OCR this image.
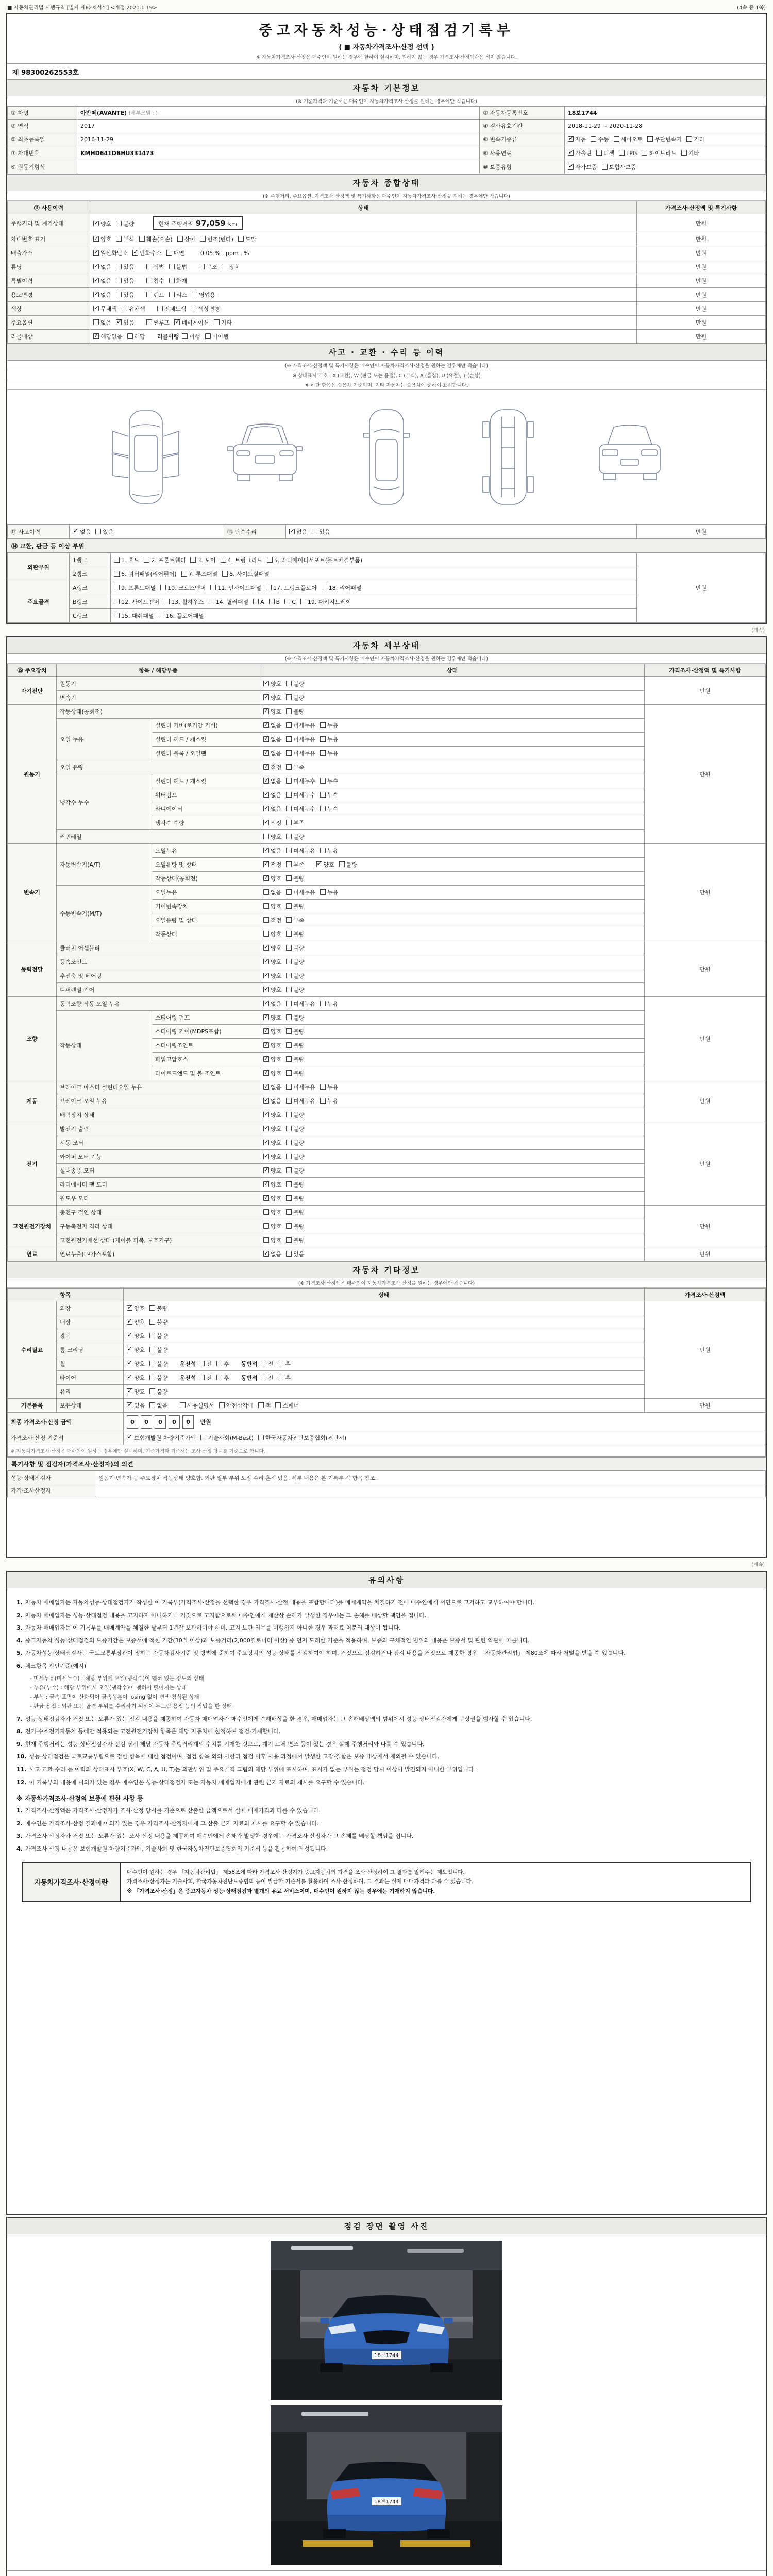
■ 자동차관리법 시행규칙 [별지 제82호서식] <개정 2021.1.19>	(4쪽 중 1쪽)
중고자동차성능·상태점검기록부
( ■ 자동차가격조사·산정 선택 )
※ 자동차가격조사·산정은 매수인이 원하는 경우에 한하여 실시하며, 원하지 않는 경우 가격조사·산정액란은 적지 않습니다.
제 98300262553호
자동차 기본정보
(※ 기준가격과 기준서는 매수인이 자동차가격조사·산정을 원하는 경우에만 적습니다)
① 차명	아반떼(AVANTE) (세부모델 : )	② 자동차등록번호	18보1744
③ 연식	2017	④ 검사유효기간	2018-11-29 ~ 2020-11-28
⑤ 최초등록일	2016-11-29	⑥ 변속기종류	✓자동 수동 세미오토 무단변속기 기타
⑦ 차대번호	KMHD641DBHU331473	⑧ 사용연료	✓가솔린 디젤 LPG 하이브리드 기타
⑨ 원동기형식		⑩ 보증유형	✓자가보증 보험사보증
자동차 종합상태
(※ 주행거리, 주요옵션, 가격조사·산정액 및 특기사항은 매수인이 자동차가격조사·산정을 원하는 경우에만 적습니다)
⑪ 사용이력	상태	가격조사·산정액 및 특기사항
주행거리 및 계기상태	✓양호 불량 현재 주행거리 97,059 km	만원
차대번호 표기	✓양호 부식 훼손(오손) 상이 변조(변타) 도말	만원
배출가스	✓일산화탄소 ✓ 탄화수소 매연 0.05 % , ppm , %	만원
튜닝	✓없음 있음 적법 불법 구조 장치	만원
특별이력	✓없음 있음 침수 화재	만원
용도변경	✓없음 있음 렌트 리스 영업용	만원
색상	✓무채색 유채색 전체도색 색상변경	만원
주요옵션	없음 ✓ 있음 썬루프 ✓ 네비게이션 기타	만원
리콜대상	✓해당없음 해당 리콜이행 이행 미이행	만원
사고 · 교환 · 수리 등 이력
(※ 가격조사·산정액 및 특기사항은 매수인이 자동차가격조사·산정을 원하는 경우에만 적습니다)
※ 상태표시 부호 : X (교환), W (판금 또는 용접), C (부식), A (흠집), U (요철), T (손상)
※ 하단 항목은 승용차 기준이며, 기타 자동차는 승용차에 준하여 표시합니다.
⑫ 사고이력	✓없음 있음	⑬ 단순수리	✓없음 있음	만원
⑭ 교환, 판금 등 이상 부위
외판부위	1랭크	1. 후드 2. 프론트휀더 3. 도어 4. 트렁크리드 5. 라디에이터서포트(볼트체결부품)	만원
	2랭크	6. 쿼터패널(리어휀더) 7. 루프패널 8. 사이드실패널	
주요골격	A랭크	9. 프론트패널 10. 크로스멤버 11. 인사이드패널 17. 트렁크플로어 18. 리어패널	
	B랭크	12. 사이드멤버 13. 휠하우스 14. 필러패널 A B C 19. 패키지트레이	
	C랭크	15. 대쉬패널 16. 플로어패널	
(계속)
자동차 세부상태
(※ 가격조사·산정액 및 특기사항은 매수인이 자동차가격조사·산정을 원하는 경우에만 적습니다)
⑮ 주요장치	항목 / 해당부품		상태	가격조사·산정액 및 특기사항
자기진단	원동기	✓양호 불량	만원
	변속기	✓양호 불량
원동기	작동상태(공회전)	✓양호 불량	만원
	오일 누유	실린더 커버(로커암 커버)	✓없음 미세누유 누유
		실린더 헤드 / 개스킷	✓없음 미세누유 누유
		실린더 블록 / 오일팬	✓없음 미세누유 누유
	오일 유량	✓적정 부족
	냉각수 누수	실린더 헤드 / 개스킷	✓없음 미세누수 누수
		워터펌프	✓없음 미세누수 누수
		라디에이터	✓없음 미세누수 누수
		냉각수 수량	✓적정 부족
	커먼레일		양호 불량	
변속기	자동변속기(A/T)	오일누유	✓없음 미세누유 누유	만원
		오일유량 및 상태	✓적정 부족 ✓ 양호 불량
		작동상태(공회전)	✓양호 불량
	수동변속기(M/T)	오일누유	없음 미세누유 누유	
		기어변속장치	양호 불량	
		오일유량 및 상태	적정 부족	
		작동상태	양호 불량	
동력전달	클러치 어셈블리	✓양호 불량	만원
	등속조인트	✓양호 불량
	추진축 및 베어링	✓양호 불량
	디퍼렌셜 기어	✓양호 불량
조향	동력조향 작동 오일 누유	✓없음 미세누유 누유	만원
	작동상태	스티어링 펌프	✓양호 불량
		스티어링 기어(MDPS포함)	✓양호 불량
		스티어링조인트	✓양호 불량
		파워고압호스	✓양호 불량
		타이로드엔드 및 볼 조인트	✓양호 불량
제동	브레이크 마스터 실린더오일 누유	✓없음 미세누유 누유	만원
	브레이크 오일 누유	✓없음 미세누유 누유
	배력장치 상태	✓양호 불량
전기	발전기 출력	✓양호 불량	만원
	시동 모터	✓양호 불량
	와이퍼 모터 기능	✓양호 불량
	실내송풍 모터	✓양호 불량
	라디에이터 팬 모터	✓양호 불량
	윈도우 모터	✓양호 불량
고전원전기장치	충전구 절연 상태		양호 불량	만원
	구동축전지 격리 상태		양호 불량	
	고전원전기배선 상태 (케이블 피복, 보호기구)		양호 불량	
연료	연료누출(LP가스포함)	✓없음 있음	만원
자동차 기타정보
(※ 가격조사·산정액은 매수인이 자동차가격조사·산정을 원하는 경우에만 적습니다)
항목		상태	가격조사·산정액
수리필요	외장	✓양호 불량	만원
	내장	✓양호 불량
	광택	✓양호 불량
	룸 크리닝	✓양호 불량
	휠	✓양호 불량 운전석 전 후 동반석 전 후
	타이어	✓양호 불량 운전석 전 후 동반석 전 후
	유리	✓양호 불량
기본품목	보유상태	✓있음 없음 사용설명서 안전삼각대 잭 스패너	만원
최종 가격조사·산정 금액	0 0 0 0 0 만원
가격조사·산정 기준서	✓보험개발원 차량기준가액 기술사회(M-Best) 한국자동차진단보증협회(진단서)
※ 자동차가격조사·산정은 매수인이 원하는 경우에만 실시하며, 기준가격과 기준서는 조사·산정 당시를 기준으로 합니다.	
특기사항 및 점검자(가격조사·산정자)의 의견
성능·상태점검자	원동기·변속기 등 주요장치 작동상태 양호함. 외판 일부 부위 도장 수리 흔적 있음. 세부 내용은 본 기록부 각 항목 참조.
가격·조사산정자	
(계속)
유의사항
1. 자동차 매매업자는 자동차성능·상태점검자가 작성한 이 기록부(가격조사·산정을 선택한 경우 가격조사·산정 내용을 포함합니다)를 매매계약을 체결하기 전에 매수인에게 서면으로 고지하고 교부하여야 합니다.
2. 자동차 매매업자는 성능·상태점검 내용을 고지하지 아니하거나 거짓으로 고지함으로써 매수인에게 재산상 손해가 발생한 경우에는 그 손해를 배상할 책임을 집니다.
3. 자동차 매매업자는 이 기록부를 매매계약을 체결한 날부터 1년간 보관하여야 하며, 고지·보관 의무를 이행하지 아니한 경우 과태료 처분의 대상이 됩니다.
4. 중고자동차 성능·상태점검의 보증기간은 보증서에 적힌 기간(30일 이상)과 보증거리(2,000킬로미터 이상) 중 먼저 도래한 기준을 적용하며, 보증의 구체적인 범위와 내용은 보증서 및 관련 약관에 따릅니다.
5. 자동차성능·상태점검자는 국토교통부장관이 정하는 자동차검사기준 및 방법에 준하여 주요장치의 성능·상태를 점검하여야 하며, 거짓으로 점검하거나 점검 내용을 거짓으로 제공한 경우 「자동차관리법」 제80조에 따라 처벌을 받을 수 있습니다.
6. 체크항목 판단기준(예시)
- 미세누유(미세누수) : 해당 부위에 오일(냉각수)이 맺혀 있는 정도의 상태
- 누유(누수) : 해당 부위에서 오일(냉각수)이 맺혀서 떨어지는 상태
- 부식 : 금속 표면이 산화되어 금속성분이 losing 없이 변색·침식된 상태
- 판금·용접 : 외판 또는 골격 부위를 수리하기 위하여 두드림·용접 등의 작업을 한 상태
7. 성능·상태점검자가 거짓 또는 오류가 있는 점검 내용을 제공하여 자동차 매매업자가 매수인에게 손해배상을 한 경우, 매매업자는 그 손해배상액의 범위에서 성능·상태점검자에게 구상권을 행사할 수 있습니다.
8. 전기·수소전기자동차 등에만 적용되는 고전원전기장치 항목은 해당 자동차에 한정하여 점검·기재합니다.
9. 현재 주행거리는 성능·상태점검자가 점검 당시 해당 자동차 주행거리계의 수치를 기재한 것으로, 계기 교체·변조 등이 있는 경우 실제 주행거리와 다를 수 있습니다.
10. 성능·상태점검은 국토교통부령으로 정한 항목에 대한 점검이며, 점검 항목 외의 사항과 점검 이후 사용 과정에서 발생한 고장·결함은 보증 대상에서 제외될 수 있습니다.
11. 사고·교환·수리 등 이력의 상태표시 부호(X, W, C, A, U, T)는 외판부위 및 주요골격 그림의 해당 부위에 표시하며, 표시가 없는 부위는 점검 당시 이상이 발견되지 아니한 부위입니다.
12. 이 기록부의 내용에 이의가 있는 경우 매수인은 성능·상태점검자 또는 자동차 매매업자에게 관련 근거 자료의 제시를 요구할 수 있습니다.
※ 자동차가격조사·산정의 보증에 관한 사항 등
1. 가격조사·산정액은 가격조사·산정자가 조사·산정 당시를 기준으로 산출한 금액으로서 실제 매매가격과 다를 수 있습니다.
2. 매수인은 가격조사·산정 결과에 이의가 있는 경우 가격조사·산정자에게 그 산출 근거 자료의 제시를 요구할 수 있습니다.
3. 가격조사·산정자가 거짓 또는 오류가 있는 조사·산정 내용을 제공하여 매수인에게 손해가 발생한 경우에는 가격조사·산정자가 그 손해를 배상할 책임을 집니다.
4. 가격조사·산정 내용은 보험개발원 차량기준가액, 기술사회 및 한국자동차진단보증협회의 기준서 등을 활용하여 작성됩니다.
자동차가격조사·산정이란
매수인이 원하는 경우 「자동차관리법」 제58조에 따라 가격조사·산정자가 중고자동차의 가격을 조사·산정하여 그 결과를 알려주는 제도입니다.
가격조사·산정자는 기술사회, 한국자동차진단보증협회 등이 발급한 기준서를 활용하여 조사·산정하며, 그 결과는 실제 매매가격과 다를 수 있습니다.
※ 「가격조사·산정」은 중고자동차 성능·상태점검과 별개의 유료 서비스이며, 매수인이 원하지 않는 경우에는 기재하지 않습니다.
점검 장면 촬영 사진
18보1744
18보1744
